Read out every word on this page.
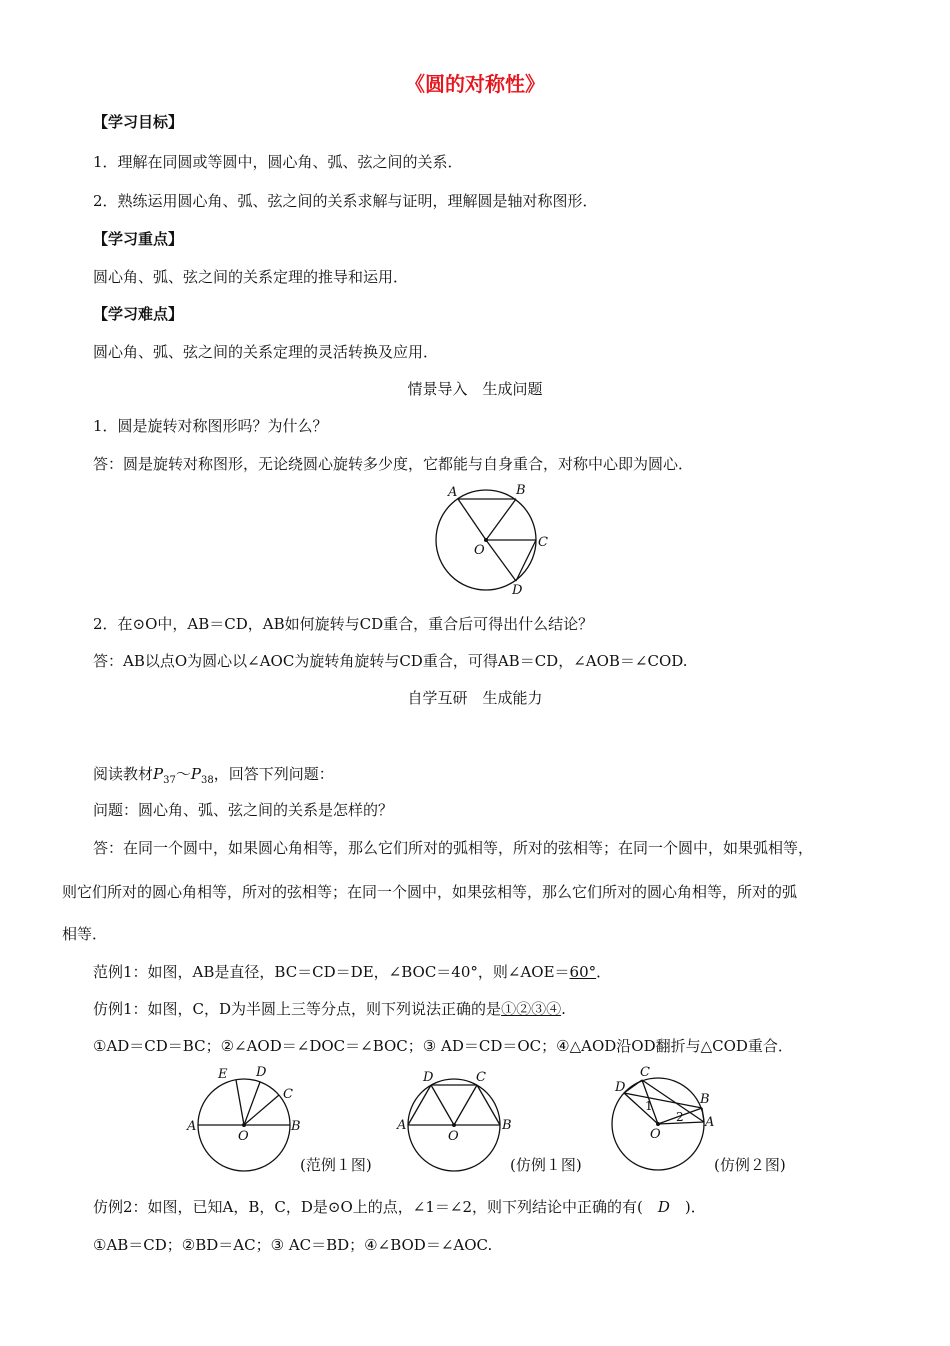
《圆的对称性》
【学习目标】
1．理解在同圆或等圆中，圆心角、弧、弦之间的关系．
2．熟练运用圆心角、弧、弦之间的关系求解与证明，理解圆是轴对称图形．
【学习重点】
圆心角、弧、弦之间的关系定理的推导和运用．
【学习难点】
圆心角、弧、弦之间的关系定理的灵活转换及应用．
情景导入　生成问题
1．圆是旋转对称图形吗？为什么？
答：圆是旋转对称图形，无论绕圆心旋转多少度，它都能与自身重合，对称中心即为圆心．
A	B
C
D
O
2．在⊙O中，AB＝CD，AB如何旋转与CD重合，重合后可得出什么结论？
答：AB以点O为圆心以∠AOC为旋转角旋转与CD重合，可得AB＝CD，∠AOB＝∠COD.
自学互研　生成能力
阅读教材$P_{37}\sim P_{38}$，回答下列问题：
问题：圆心角、弧、弦之间的关系是怎样的？
答：在同一个圆中，如果圆心角相等，那么它们所对的弧相等，所对的弦相等；在同一个圆中，如果弧相等，
则它们所对的圆心角相等，所对的弦相等；在同一个圆中，如果弦相等，那么它们所对的圆心角相等，所对的弧
相等．
范例1：如图，AB是直径，BC＝CD＝DE，∠BOC＝40°，则∠AOE＝60°．
仿例1：如图，C，D为半圆上三等分点，则下列说法正确的是①②③④.
①AD＝CD＝BC；②∠AOD＝∠DOC＝∠BOC；③ AD＝CD＝OC；④△AOD沿OD翻折与△COD重合．
E D
C
A
O
B
(范例１图)
D	C
A
O
B
(仿例１图)
C
D
B
A
O
1
2
(仿例２图)
仿例2：如图，已知A，B，C，D是⊙O上的点，∠1＝∠2，则下列结论中正确的有(　D　)．
①AB＝CD；②BD＝AC；③ AC＝BD；④∠BOD＝∠AOC.
